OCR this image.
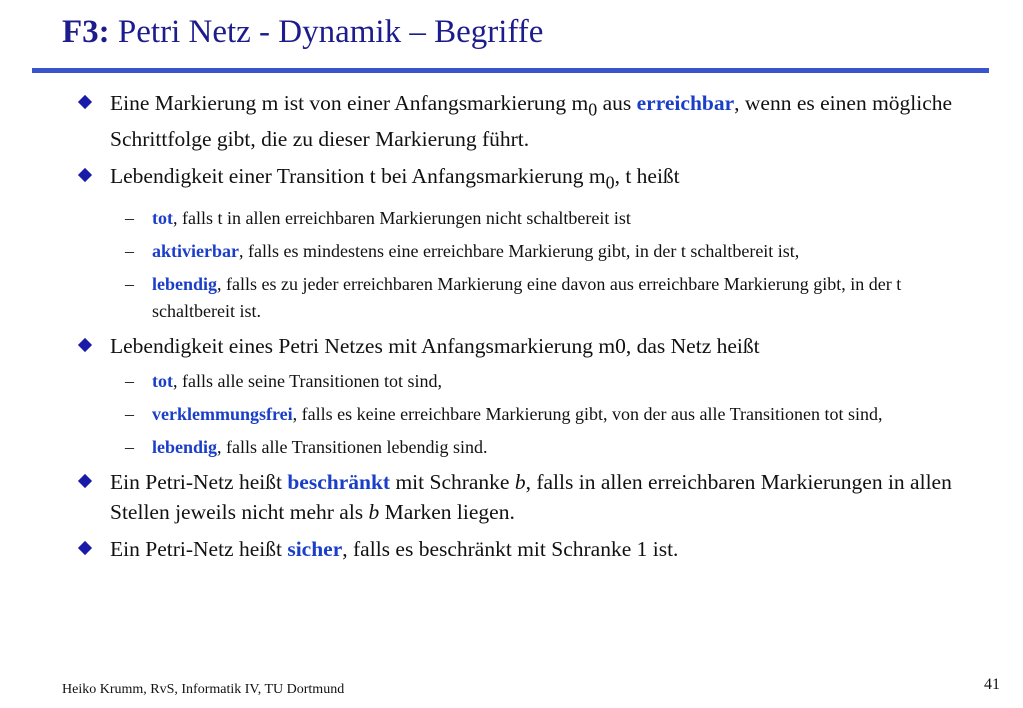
F3: Petri Netz - Dynamik – Begriffe
Eine Markierung m ist von einer Anfangsmarkierung $m_0$ aus erreichbar, wenn es einen mögliche Schrittfolge gibt, die zu dieser Markierung führt.
Lebendigkeit einer Transition t bei Anfangsmarkierung $m_0$, t heißt
– tot, falls t in allen erreichbaren Markierungen nicht schaltbereit ist
– aktivierbar, falls es mindestens eine erreichbare Markierung gibt, in der t schaltbereit ist,
– lebendig, falls es zu jeder erreichbaren Markierung eine davon aus erreichbare Markierung gibt, in der t schaltbereit ist.
Lebendigkeit eines Petri Netzes mit Anfangsmarkierung m0, das Netz heißt
– tot, falls alle seine Transitionen tot sind,
– verklemmungsfrei, falls es keine erreichbare Markierung gibt, von der aus alle Transitionen tot sind,
– lebendig, falls alle Transitionen lebendig sind.
Ein Petri-Netz heißt beschränkt mit Schranke b, falls in allen erreichbaren Markierungen in allen Stellen jeweils nicht mehr als b Marken liegen.
Ein Petri-Netz heißt sicher, falls es beschränkt mit Schranke 1 ist.
Heiko Krumm, RvS, Informatik IV, TU Dortmund	41
